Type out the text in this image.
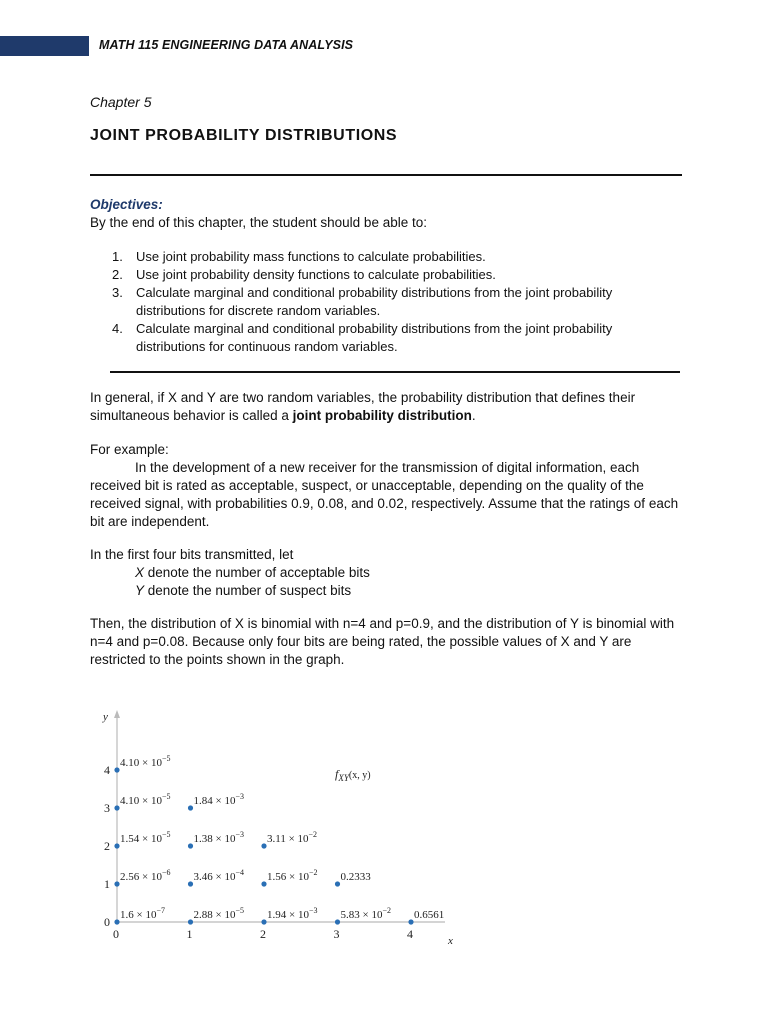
MATH 115 ENGINEERING DATA ANALYSIS
Chapter 5
JOINT PROBABILITY DISTRIBUTIONS
Objectives:
By the end of this chapter, the student should be able to:
1. Use joint probability mass functions to calculate probabilities.
2. Use joint probability density functions to calculate probabilities.
3. Calculate marginal and conditional probability distributions from the joint probability distributions for discrete random variables.
4. Calculate marginal and conditional probability distributions from the joint probability distributions for continuous random variables.
In general, if X and Y are two random variables, the probability distribution that defines their simultaneous behavior is called a joint probability distribution.
For example:
In the development of a new receiver for the transmission of digital information, each received bit is rated as acceptable, suspect, or unacceptable, depending on the quality of the received signal, with probabilities 0.9, 0.08, and 0.02, respectively. Assume that the ratings of each bit are independent.
In the first four bits transmitted, let
X denote the number of acceptable bits
Y denote the number of suspect bits
Then, the distribution of X is binomial with n=4 and p=0.9, and the distribution of Y is binomial with n=4 and p=0.08. Because only four bits are being rated, the possible values of X and Y are restricted to the points shown in the graph.
y
x
$f_{XY}^{(x, y)}$
0	1	2	3	4
0
1
2
3
4
$1.6 \times 10^{-7}$	$2.88 \times 10^{-5}$ $1.94 \times 10^{-3}$ $5.83 \times 10^{-2}$ 0.6561
$2.56 \times 10^{-6}$ $3.46 \times 10^{-4}$ $1.56 \times 10^{-2}$ 0.2333
$1.54 \times 10^{-5}$ $1.38 \times 10^{-3}$ $3.11 \times 10^{-2}$
$4.10 \times 10^{-5}$ $1.84 \times 10^{-3}$
$4.10 \times 10^{-5}$
